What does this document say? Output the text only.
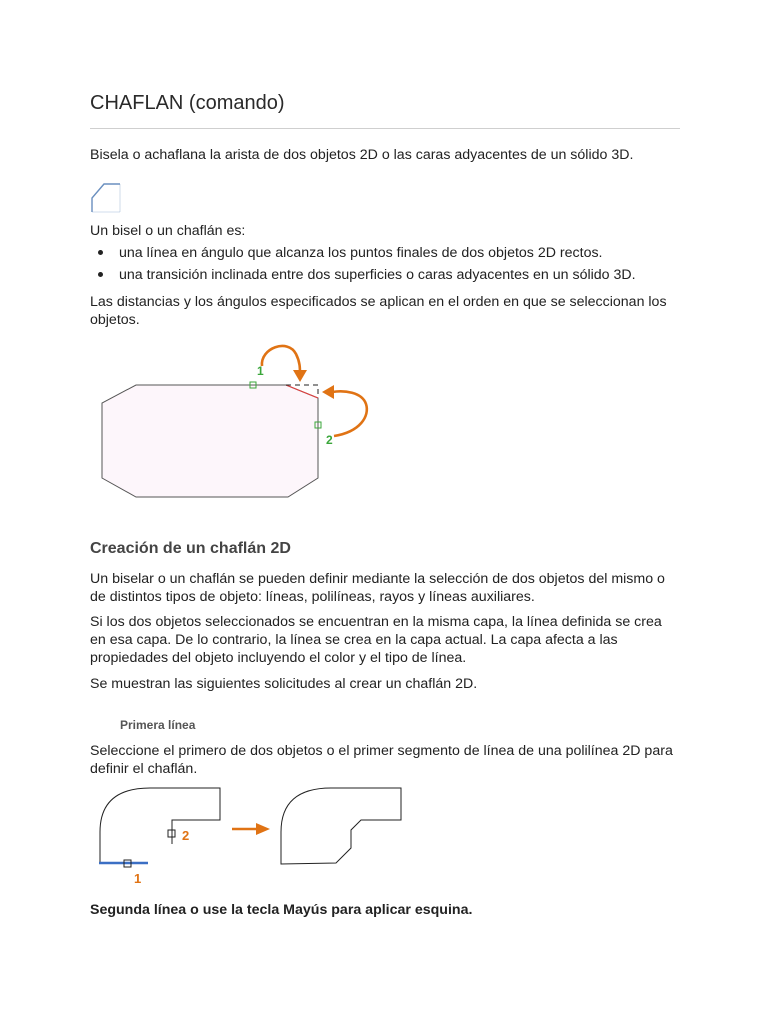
CHAFLAN (comando)

Bisela o achaflana la arista de dos objetos 2D o las caras adyacentes de un sólido 3D.

Un bisel o un chaflán es:

una línea en ángulo que alcanza los puntos finales de dos objetos 2D rectos.
una transición inclinada entre dos superficies o caras adyacentes en un sólido 3D.

Las distancias y los ángulos especificados se aplican en el orden en que se seleccionan los objetos.

1
2
Creación de un chaflán 2D

Un biselar o un chaflán se pueden definir mediante la selección de dos objetos del mismo o de distintos tipos de objeto: líneas, polilíneas, rayos y líneas auxiliares.

Si los dos objetos seleccionados se encuentran en la misma capa, la línea definida se crea en esa capa. De lo contrario, la línea se crea en la capa actual. La capa afecta a las propiedades del objeto incluyendo el color y el tipo de línea.

Se muestran las siguientes solicitudes al crear un chaflán 2D.

Primera línea

Seleccione el primero de dos objetos o el primer segmento de línea de una polilínea 2D para definir el chaflán.

2
1
Segunda línea o use la tecla Mayús para aplicar esquina.
